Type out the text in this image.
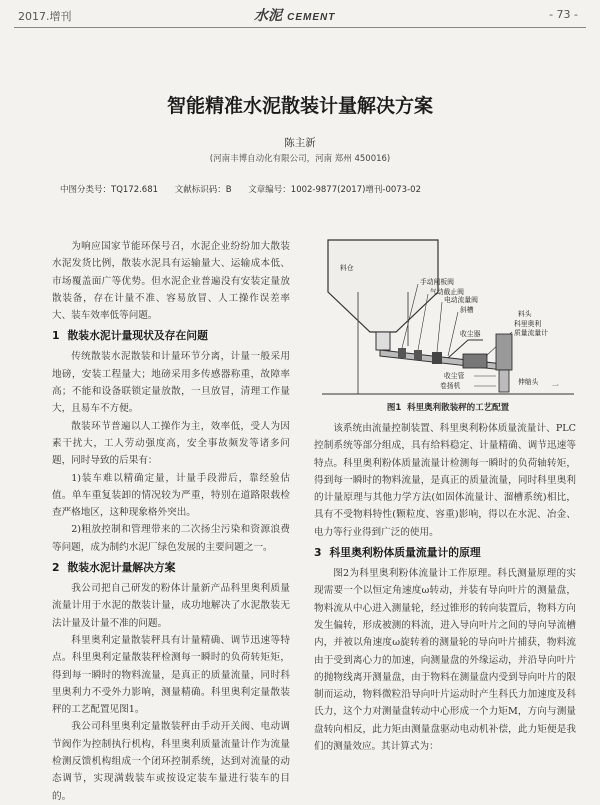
2017.增刊	水泥 CEMENT	- 73 -
智能精准水泥散装计量解决方案
陈主新
(河南丰博自动化有限公司，河南 郑州 450016)
中图分类号：TQ172.681 文献标识码：B 文章编号：1002-9877(2017)增刊-0073-02

为响应国家节能环保号召，水泥企业纷纷加大散装水泥发货比例，散装水泥具有运输量大、运输成本低、市场覆盖面广等优势。但水泥企业普遍没有安装定量放散装备，存在计量不准、容易放冒、人工操作误差率大、装车效率低等问题。

1 散装水泥计量现状及存在问题

传统散装水泥散装和计量环节分离，计量一般采用地磅，安装工程量大；地磅采用多传感器称重，故障率高；不能和设备联锁定量放散，一旦放冒，清理工作量大，且易车不方便。

散装环节普遍以人工操作为主，效率低，受人为因素干扰大，工人劳动强度高，安全事故频发等诸多问题，同时导致的后果有：

1)装车难以精确定量，计量手段滞后，靠经验估值。单车重复装卸的情况较为严重，特别在道路限载检查严格地区，这种现象格外突出。

2)粗放控制和管理带来的二次扬尘污染和资源浪费等问题，成为制约水泥厂绿色发展的主要问题之一。

2 散装水泥计量解决方案

我公司把自己研发的粉体计量新产品科里奥利质量流量计用于水泥的散装计量，成功地解决了水泥散装无法计量及计量不准的问题。

科里奥利定量散装秤具有计量精确、调节迅速等特点。科里奥利定量散装秤检测每一瞬时的负荷转矩矩，得到每一瞬时的物料流量，是真正的质量流量，同时科里奥利力不受外力影响，测量精确。科里奥利定量散装秤的工艺配置见图1。

我公司科里奥利定量散装秤由手动开关阀、电动调节阀作为控制执行机构，科里奥利质量流量计作为流量检测反馈机构组成一个闭环控制系统，达到对流量的动态调节，实现满载装车或按设定装车量进行装车的目的。

料仓
手动闸板阀
气动截止阀
电动流量阀
斜槽
科里奥利
质量流量计
料头
收尘器
收尘管
卷扬机	伸缩头 一
图1 科里奥利散装秤的工艺配置

该系统由流量控制装置、科里奥利粉体质量流量计、PLC控制系统等部分组成，具有给料稳定、计量精确、调节迅速等特点。科里奥利粉体质量流量计检测每一瞬时的负荷轴转矩，得到每一瞬时的物料流量，是真正的质量流量，同时科里奥利的计量原理与其他力学方法(如固体流量计、溜槽系统)相比，具有不受物料特性(颗粒度、容重)影响，得以在水泥、冶金、电力等行业得到广泛的使用。

3 科里奥利粉体质量流量计的原理

图2为科里奥利粉体流量计工作原理。科氏测量原理的实现需要一个以恒定角速度ω转动，并装有导向叶片的测量盘，物料流从中心进入测量轮，经过锥形的转向装置后，物料方向发生偏转，形成被测的料流，进入导向叶片之间的导向导流槽内，并被以角速度ω旋转着的测量轮的导向叶片捕获，物料流由于受到离心力的加速，向测量盘的外缘运动，并沿导向叶片的抛物线离开测量盘，由于物料在测量盘内受到导向叶片的限制而运动，物料微粒沿导向叶片运动时产生科氏力加速度及科氏力，这个力对测量盘转动中心形成一个力矩M，方向与测量盘转向相反，此力矩由测量盘驱动电动机补偿，此力矩便是我们的测量效应。其计算式为：
